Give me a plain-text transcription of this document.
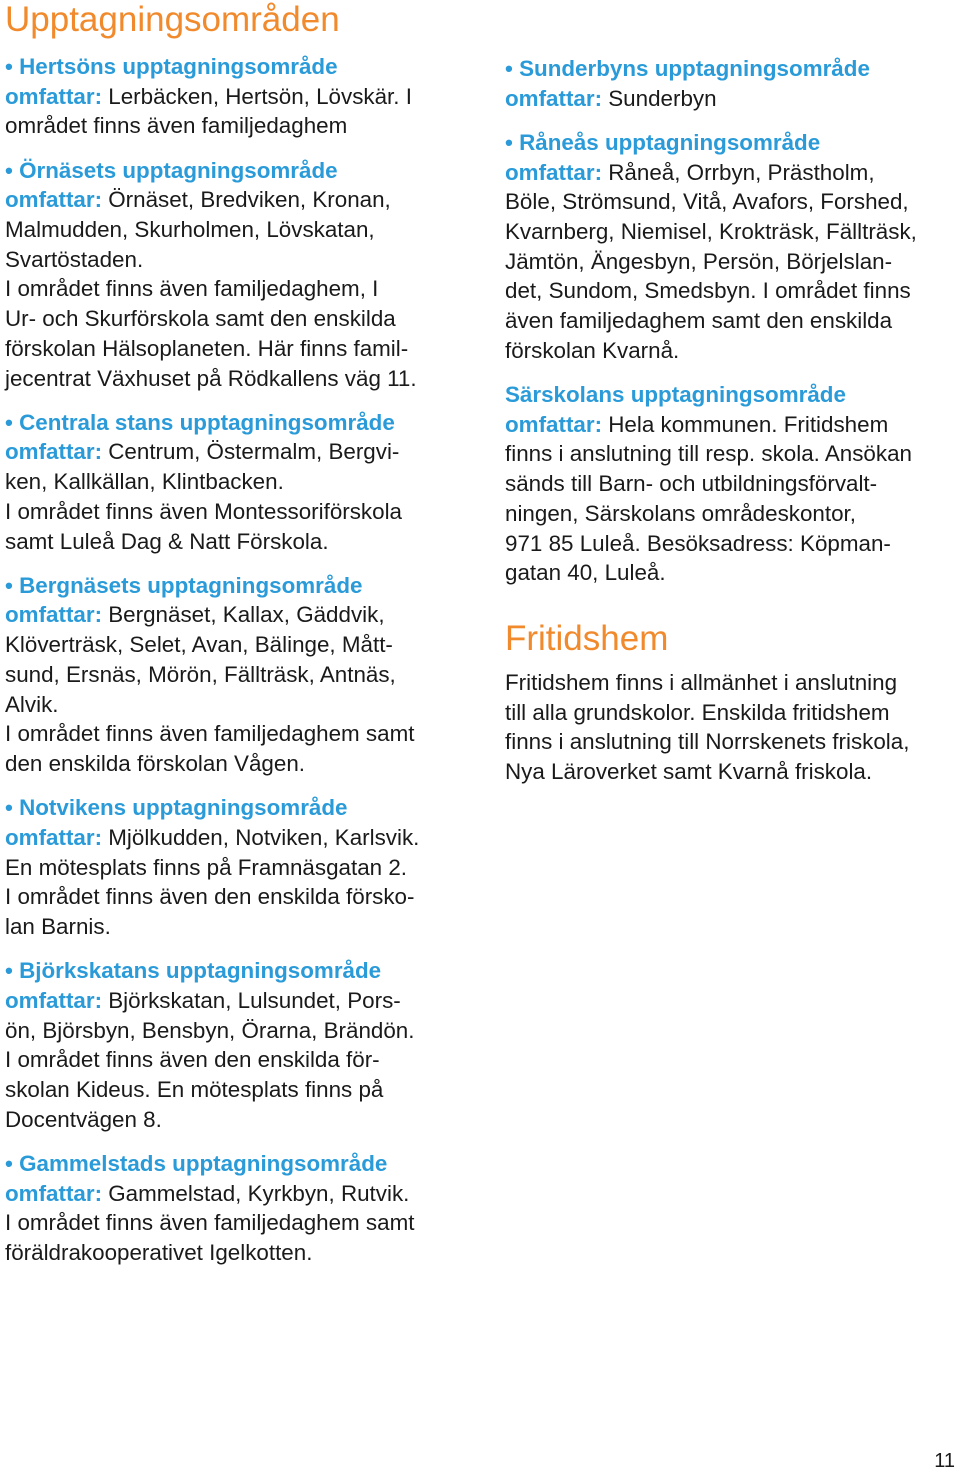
Upptagningsområden

• Hertsöns upptagningsområde
omfattar: Lerbäcken, Hertsön, Lövskär. I
området finns även familjedaghem

• Örnäsets upptagningsområde
omfattar: Örnäset, Bredviken, Kronan,
Malmudden, Skurholmen, Lövskatan,
Svartöstaden.
I området finns även familjedaghem, I
Ur- och Skurförskola samt den enskilda
förskolan Hälsoplaneten. Här finns famil-
jecentrat Växhuset på Rödkallens väg 11.

• Centrala stans upptagningsområde
omfattar: Centrum, Östermalm, Bergvi-
ken, Kallkällan, Klintbacken.
I området finns även Montessoriförskola
samt Luleå Dag & Natt Förskola.

• Bergnäsets upptagningsområde
omfattar: Bergnäset, Kallax, Gäddvik,
Klöverträsk, Selet, Avan, Bälinge, Mått-
sund, Ersnäs, Mörön, Fällträsk, Antnäs,
Alvik.
I området finns även familjedaghem samt
den enskilda förskolan Vågen.

• Notvikens upptagningsområde
omfattar: Mjölkudden, Notviken, Karlsvik.
En mötesplats finns på Framnäsgatan 2.
I området finns även den enskilda försko-
lan Barnis.

• Björkskatans upptagningsområde
omfattar: Björkskatan, Lulsundet, Pors-
ön, Björsbyn, Bensbyn, Örarna, Brändön.
I området finns även den enskilda för-
skolan Kideus. En mötesplats finns på
Docentvägen 8.

• Gammelstads upptagningsområde
omfattar: Gammelstad, Kyrkbyn, Rutvik.
I området finns även familjedaghem samt
föräldrakooperativet Igelkotten.

• Sunderbyns upptagningsområde
omfattar: Sunderbyn

• Råneås upptagningsområde
omfattar: Råneå, Orrbyn, Prästholm,
Böle, Strömsund, Vitå, Avafors, Forshed,
Kvarnberg, Niemisel, Krokträsk, Fällträsk,
Jämtön, Ängesbyn, Persön, Börjelslan-
det, Sundom, Smedsbyn. I området finns
även familjedaghem samt den enskilda
förskolan Kvarnå.

Särskolans upptagningsområde
omfattar: Hela kommunen. Fritidshem
finns i anslutning till resp. skola. Ansökan
sänds till Barn- och utbildningsförvalt-
ningen, Särskolans områdeskontor,
971 85 Luleå. Besöksadress: Köpman-
gatan 40, Luleå.

Fritidshem

Fritidshem finns i allmänhet i anslutning
till alla grundskolor. Enskilda fritidshem
finns i anslutning till Norrskenets friskola,
Nya Läroverket samt Kvarnå friskola.

11
